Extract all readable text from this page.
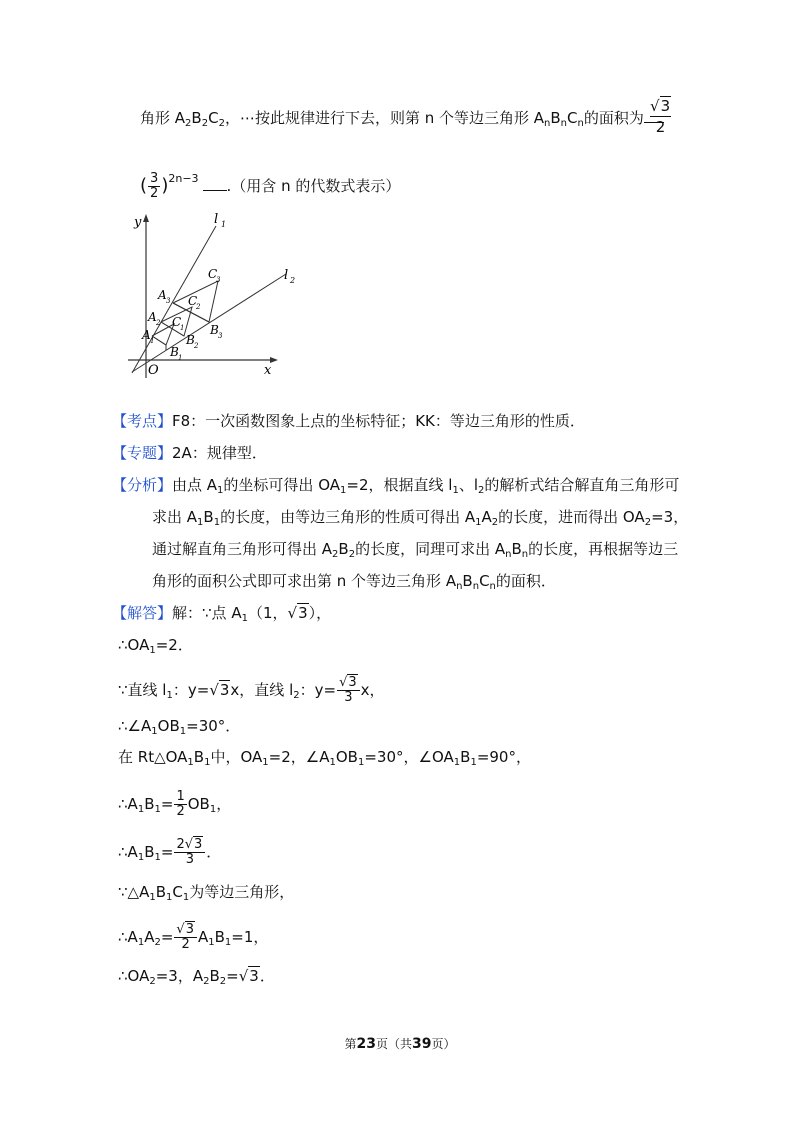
角形 $A_2B_2C_2$，⋯按此规律进行下去，则第 n 个等边三角形 $A_nB_nC_n$的面积为
√3
2
( $\frac{3}{2} )^{2n-3}$ .（用含 n 的代数式表示）
y	l 1
l 2
x
O
A 1
A 2
A 3
B 1
B 2
B 3
C
1
C
2
C
3
【考点】F8：一次函数图象上点的坐标特征；KK：等边三角形的性质．
【专题】2A：规律型．
【分析】由点 $A_1$的坐标可得出 $OA_1=2$，根据直线 $l_1$、$l_2$的解析式结合解直角三角形可
求出 $A_1B_1$的长度，由等边三角形的性质可得出 $A_1A_2$的长度，进而得出 $OA_2=3$，
通过解直角三角形可得出 $A_2B_2$的长度，同理可求出 $A_nB_n$的长度，再根据等边三
角形的面积公式即可求出第 n 个等边三角形 $A_nB_nC_n$的面积．
【解答】解：∵点 $A_1(1$，√3），
$\therefore OA_1=2$．
∵直线 $l_1$：y=√3x，直线 $l_2$：$y= \frac{√3}{3}$ x，
$\therefore\angle A_1OB_1=30^\circ$．
在 $Rt\triangle OA_1B_1$中，$OA_1=2$，$\angle A_1OB_1=30^\circ$，$\angle OA_1B_1=90^\circ$，
$\therefore A_1B_1= \frac{1}{2} OB_1$，
$\therefore A_1B_1= \frac{2√3}{3}$ ．
$\because\triangle A_1B_1C_1$为等边三角形，
$\therefore A_1A_2= \frac{√3}{2} A_1B_1=1$，
$\therefore OA_2=3$，$A_2B_2=√3$．
第23页（共39页）
